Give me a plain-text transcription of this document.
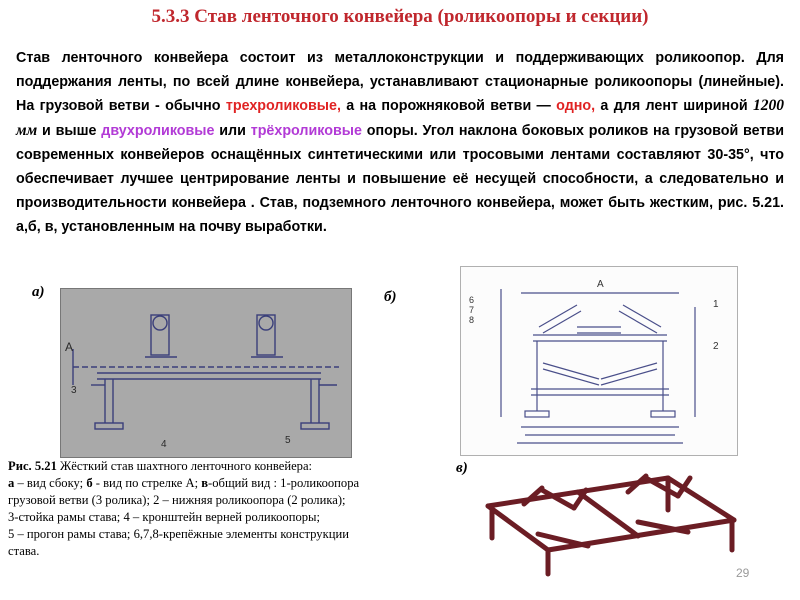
5.3.3 Став ленточного конвейера (роликоопоры и секции)
Став ленточного конвейера состоит из металлоконструкции и поддерживающих роликоопор. Для поддержания ленты, по всей длине конвейера, устанавливают стационарные роликоопоры (линейные). На грузовой ветви - обычно трехроликовые, а на порожняковой ветви — одно, а для лент шириной 1200 мм и выше двухроликовые или трёхроликовые опоры. Угол наклона боковых роликов на грузовой ветви современных конвейеров оснащённых синтетическими или тросовыми лентами составляют 30-35°, что обеспечивает лучшее центрирование ленты и повышение её несущей способности, а следовательно и производительности конвейера . Став, подземного ленточного конвейера, может быть жестким, рис. 5.21. а,б, в, установленным на почву выработки.
а)
A
3
4	5
б)
A
1
2
6
7
8
в)
Рис. 5.21 Жёсткий став шахтного ленточного конвейера:
а – вид сбоку; б - вид по стрелке А; в-общий вид : 1-роликоопора
грузовой ветви (3 ролика); 2 – нижняя роликоопора (2 ролика);
3-стойка рамы става; 4 – кронштейн верней роликоопоры;
5 – прогон рамы става; 6,7,8-крепёжные элементы конструкции
става.
29
